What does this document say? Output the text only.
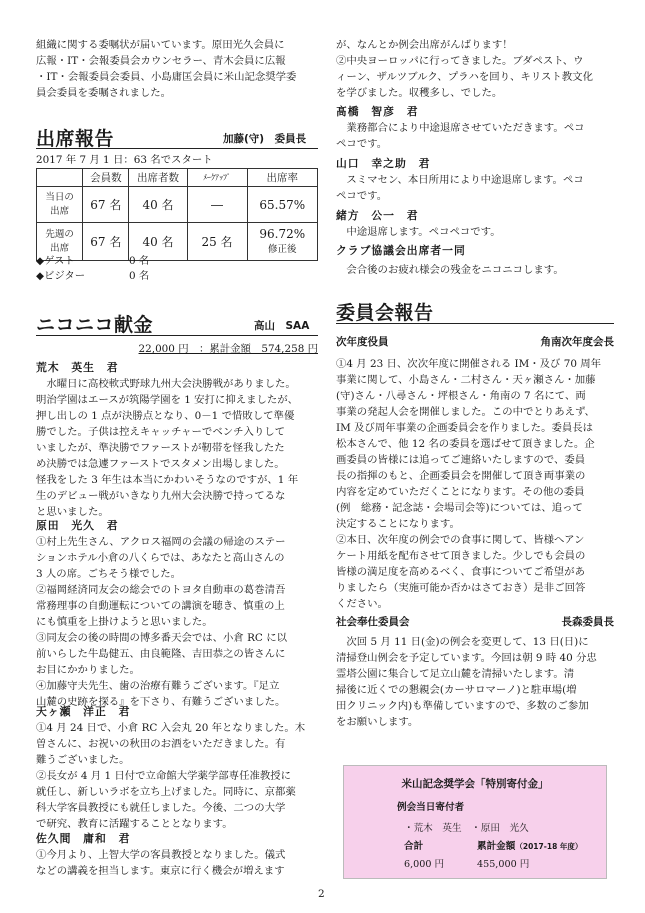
組織に関する委嘱状が届いています。原田光久会員に

広報・IT・会報委員会カウンセラー、青木会員に広報

・IT・会報委員会委員、小島庸匡会員に米山記念奨学委

員会委員を委嘱されました。

出席報告	加藤(守)　委員長

2017 年 7 月 1 日：63 名でスタート

	会員数	出席者数	ﾒｰｸｱｯﾌﾟ	出席率
当日の
出席	67 名	40 名	―	65.57%
先週の
出席	67 名	40 名	25 名	96.72%
修正後

◆ゲスト	0 名

◆ビジター	0 名

ニコニコ献金	高山　SAA

22,000 円　：累計金額　574,258 円

荒木　英生　君

　水曜日に高校軟式野球九州大会決勝戦がありました。

明治学園はエースが筑陽学園を 1 安打に抑えましたが、

押し出しの 1 点が決勝点となり、0－1 で惜敗して準優

勝でした。子供は控えキャッチャーでベンチ入りして

いましたが、準決勝でファーストが靭帯を怪我したた

め決勝では急遽ファーストでスタメン出場しました。

怪我をした 3 年生は本当にかわいそうなのですが、1 年

生のデビュー戦がいきなり九州大会決勝で持ってるな

と思いました。

原田　光久　君

①村上先生さん、アクロス福岡の会議の帰途のステー

ションホテル小倉の八くらでは、あなたと高山さんの

3 人の席。ごちそう様でした。

②福岡経済同友会の総会でのトヨタ自動車の葛巻清吾

常務理事の自動運転についての講演を聴き、慎重の上

にも慎重を上掛けようと思いました。

③同友会の後の時間の博多番天会では、小倉 RC に以

前いらした牛島健五、由良範隆、吉田恭之の皆さんに

お目にかかりました。

④加藤守夫先生、歯の治療有難うございます。『足立

山麓の史跡を探る』を下さり、有難うございました。

天ヶ瀬　洋正　君

①4 月 24 日で、小倉 RC 入会丸 20 年となりました。木

曽さんに、お祝いの秋田のお酒をいただきました。有

難うございました。

②長女が 4 月 1 日付で立命館大学薬学部専任准教授に

就任し、新しいラボを立ち上げました。同時に、京都薬

科大学客員教授にも就任しました。今後、二つの大学

で研究、教育に活躍することとなります。

佐久間　庸和　君

①今月より、上智大学の客員教授となりました。儀式

などの講義を担当します。東京に行く機会が増えます

が、なんとか例会出席がんばります！

②中央ヨーロッパに行ってきました。ブダペスト、ウ

ィーン、ザルツブルク、プラハを回り、キリスト教文化

を学びました。収穫多し、でした。

髙橋　智彦　君

　業務都合により中途退席させていただきます。ペコ

ペコです。

山口　幸之助　君

　スミマセン、本日所用により中途退席します。ペコ

ペコです。

緒方　公一　君

　中途退席します。ペコペコです。

クラブ協議会出席者一同

　会合後のお疲れ様会の残金をニコニコします。

委員会報告
次年度役員	角南次年度会長

①4 月 23 日、次次年度に開催される IM・及び 70 周年

事業に関して、小島さん・二村さん・天ヶ瀬さん・加藤

(守)さん・八尋さん・坪根さん・角南の 7 名にて、両

事業の発起人会を開催しました。この中でとりあえず、

IM 及び周年事業の企画委員会を作りました。委員長は

松本さんで、他 12 名の委員を選ばせて頂きました。企

画委員の皆様には追ってご連絡いたしますので、委員

長の指揮のもと、企画委員会を開催して頂き両事業の

内容を定めていただくことになります。その他の委員

(例　総務・記念誌・会場司会等)については、追って

決定することになります。

②本日、次年度の例会での食事に関して、皆様へアン

ケート用紙を配布させて頂きました。少しでも会員の

皆様の満足度を高めるべく、食事についてご希望があ

りましたら（実施可能か否かはさておき）是非ご回答

ください。

社会奉仕委員会	長森委員長

　次回 5 月 11 日(金)の例会を変更して、13 日(日)に

清掃登山例会を予定しています。今回は朝 9 時 40 分忠

霊塔公園に集合して足立山麓を清掃いたします。清

掃後に近くでの懇親会(カーサロマーノ)と駐車場(増

田クリニック内)も準備していますので、多数のご参加

をお願いします。

米山記念奨学会「特別寄付金」
例会当日寄付者
・荒木　英生　・原田　光久
合計	累計金額（2017-18 年度）
6,000 円	455,000 円
2
